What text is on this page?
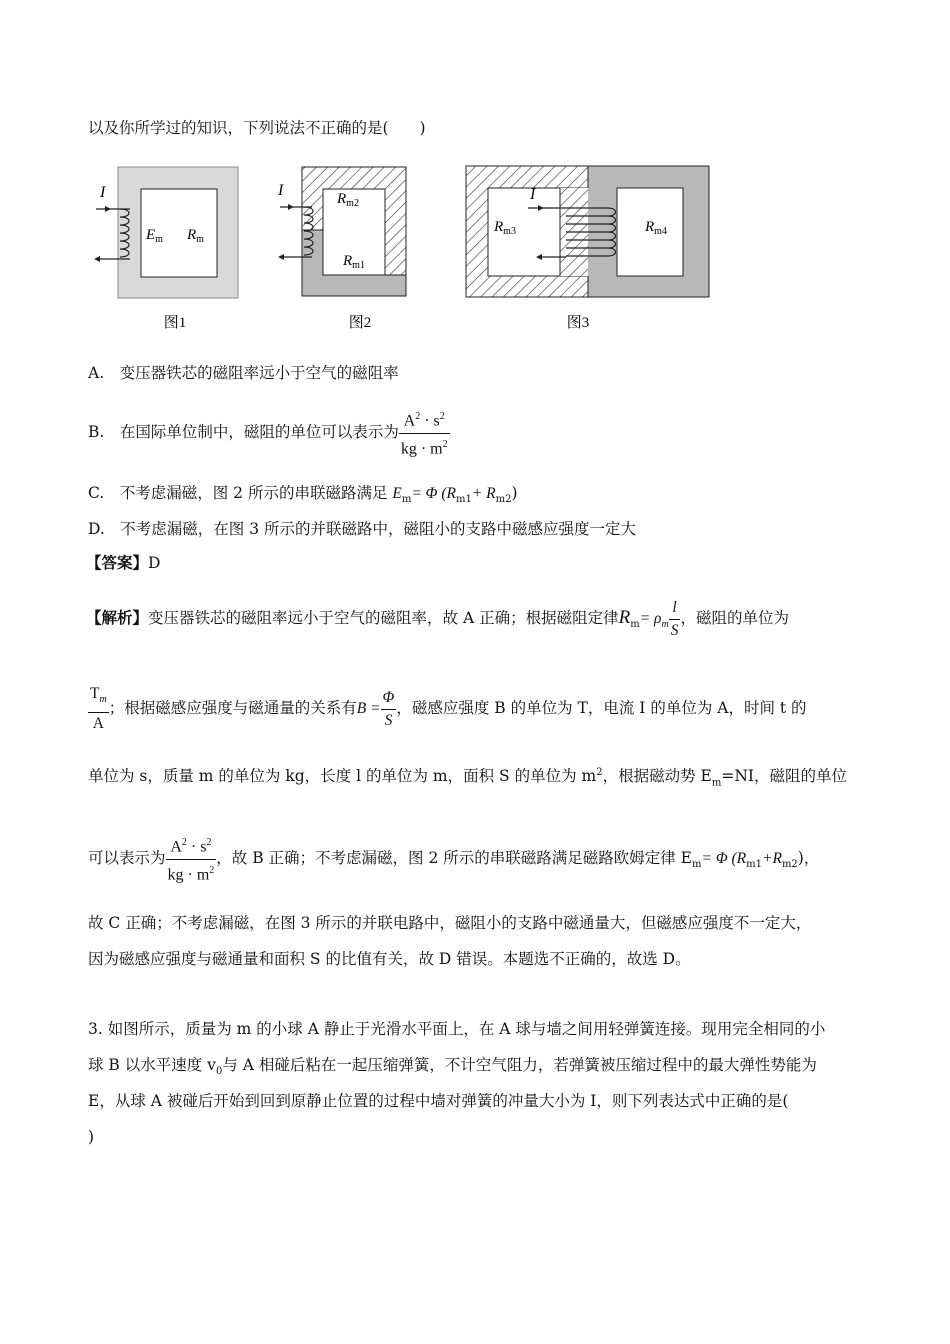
以及你所学过的知识，下列说法不正确的是(　　)
I
$E_m$ $R_m$
图1
I	$R_{m2}$
$R_{m1}$
图2
I
$R_{m3}$	$R_{m4}$
图3
A.　变压器铁芯的磁阻率远小于空气的磁阻率
B.　在国际单位制中，磁阻的单位可以表示为 $\frac{A^2 \cdot s^2}{kg \cdot m^2}$
C.　不考虑漏磁，图 2 所示的串联磁路满足 $E_m= \Phi$ $(R_{m1}+ R_{m2})$
D.　不考虑漏磁，在图 3 所示的并联磁路中，磁阻小的支路中磁感应强度一定大
【答案】D
【解析】变压器铁芯的磁阻率远小于空气的磁阻率，故 A 正确；根据磁阻定律$R_m= \rho_m \frac{l}{S}$ ，磁阻的单位为
$\frac{T_m}{A}$ ；根据磁感应强度与磁通量的关系有$B = \frac{\Phi}{S}$ ，磁感应强度 B 的单位为 T，电流 I 的单位为 A，时间 t 的
单位为 s，质量 m 的单位为 kg，长度 l 的单位为 m，面积 S 的单位为 $m^2$，根据磁动势 $E_m=NI$，磁阻的单位
可以表示为 $\frac{A^2 \cdot s^2}{kg \cdot m^2}$ ，故 B 正确；不考虑漏磁，图 2 所示的串联磁路满足磁路欧姆定律 $E_m= \Phi$ $(R_{m1}+R_{m2})$，
故 C 正确；不考虑漏磁，在图 3 所示的并联电路中，磁阻小的支路中磁通量大，但磁感应强度不一定大，
因为磁感应强度与磁通量和面积 S 的比值有关，故 D 错误。本题选不正确的，故选 D。
3. 如图所示，质量为 m 的小球 A 静止于光滑水平面上，在 A 球与墙之间用轻弹簧连接。现用完全相同的小
球 B 以水平速度 $v_0$与 A 相碰后粘在一起压缩弹簧，不计空气阻力，若弹簧被压缩过程中的最大弹性势能为
E，从球 A 被碰后开始到回到原静止位置的过程中墙对弹簧的冲量大小为 I，则下列表达式中正确的是(
)
